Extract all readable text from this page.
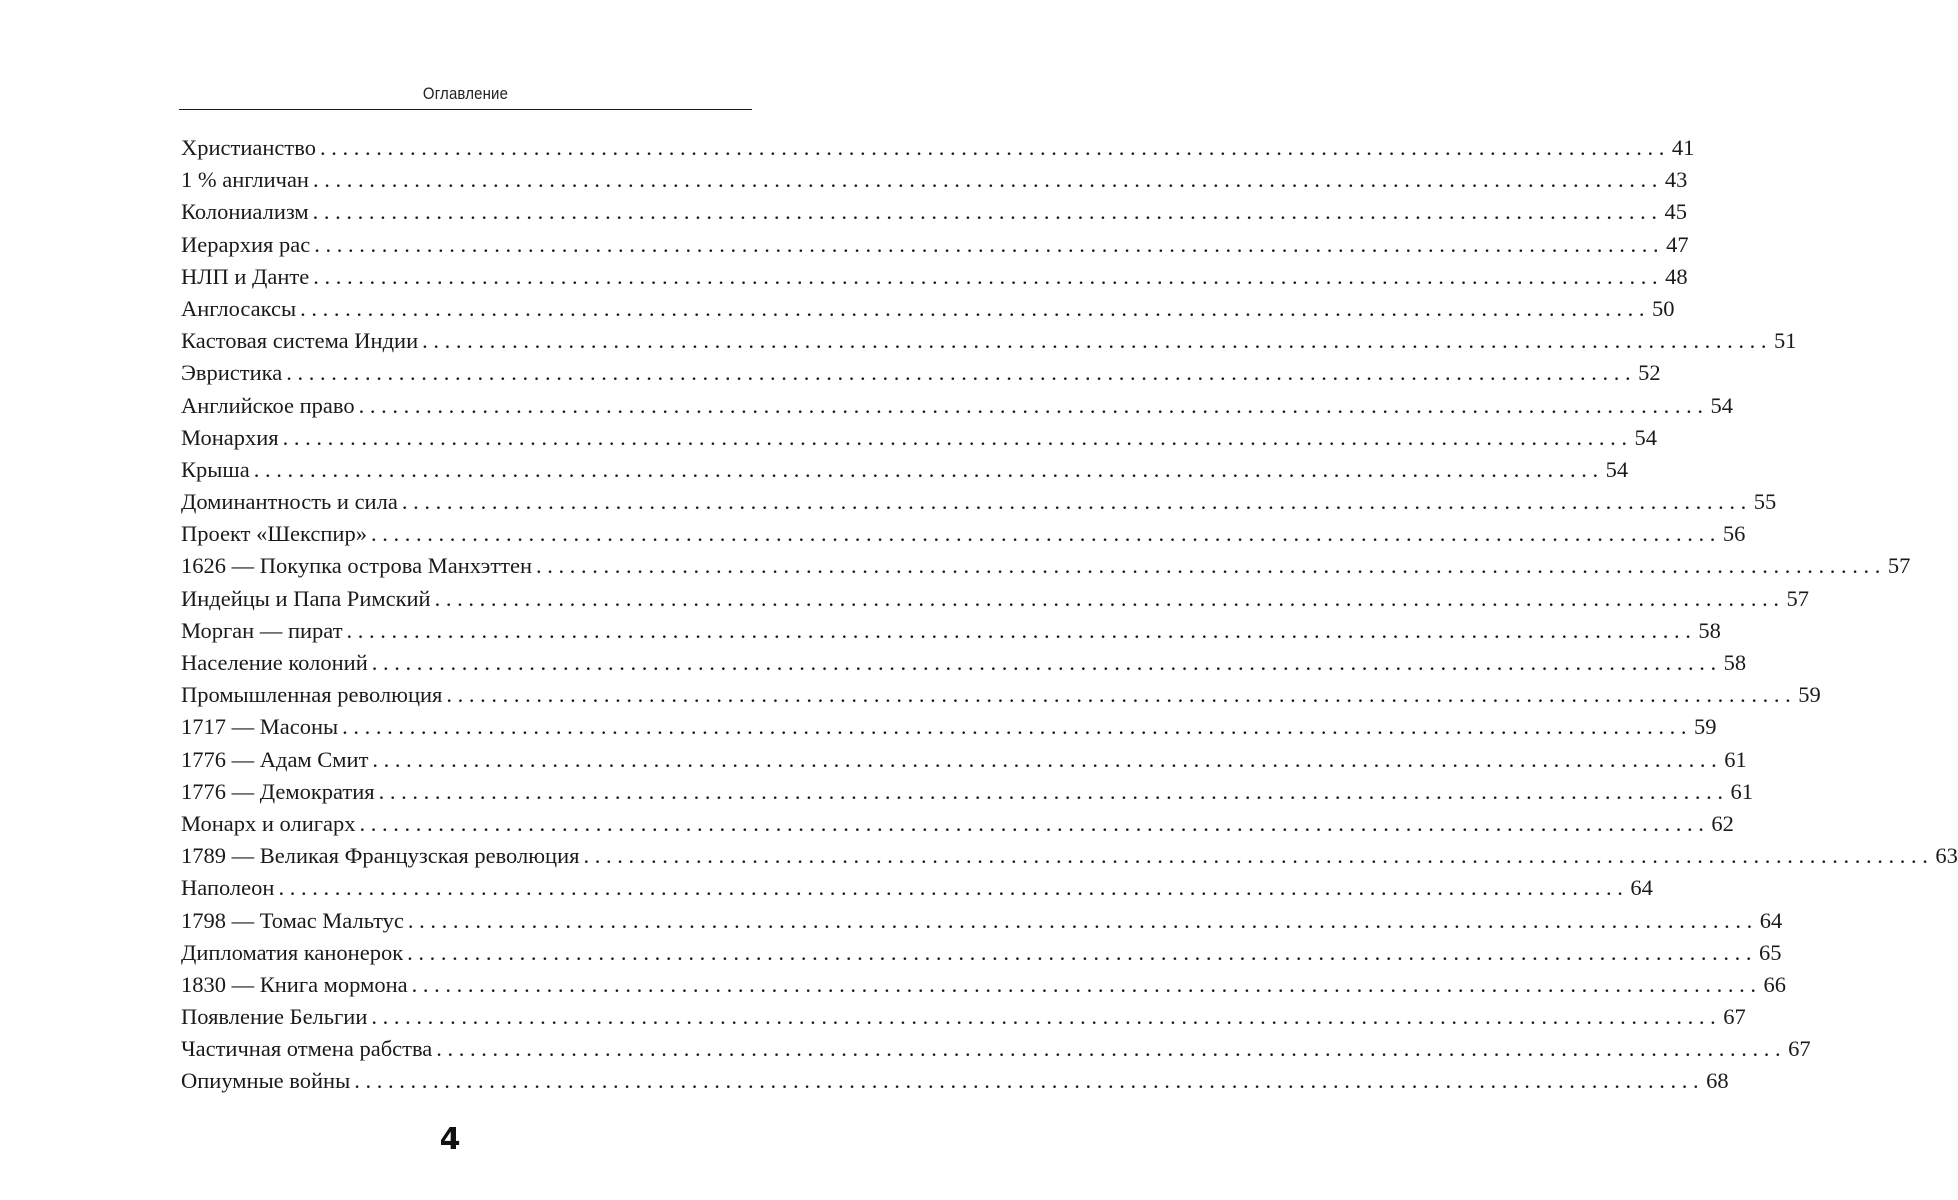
Оглавление
Христианство . . . . . . . . . . . . . . . . . . . . . . . . . . . . . . . . . . . . . . . . . . . . . . . . . . . . . . . . . . . . . . . . . . . . . . . . . . . . . . . . . . . . . . . . . . . . . . . . . . . . . . . . . . . . . . . . . . . . . . . . 41
1 % англичан . . . . . . . . . . . . . . . . . . . . . . . . . . . . . . . . . . . . . . . . . . . . . . . . . . . . . . . . . . . . . . . . . . . . . . . . . . . . . . . . . . . . . . . . . . . . . . . . . . . . . . . . . . . . . . . . . . . . . . . . 43
Колониализм . . . . . . . . . . . . . . . . . . . . . . . . . . . . . . . . . . . . . . . . . . . . . . . . . . . . . . . . . . . . . . . . . . . . . . . . . . . . . . . . . . . . . . . . . . . . . . . . . . . . . . . . . . . . . . . . . . . . . . . . 45
Иерархия рас . . . . . . . . . . . . . . . . . . . . . . . . . . . . . . . . . . . . . . . . . . . . . . . . . . . . . . . . . . . . . . . . . . . . . . . . . . . . . . . . . . . . . . . . . . . . . . . . . . . . . . . . . . . . . . . . . . . . . . . . 47
НЛП и Данте . . . . . . . . . . . . . . . . . . . . . . . . . . . . . . . . . . . . . . . . . . . . . . . . . . . . . . . . . . . . . . . . . . . . . . . . . . . . . . . . . . . . . . . . . . . . . . . . . . . . . . . . . . . . . . . . . . . . . . . . 48
Англосаксы . . . . . . . . . . . . . . . . . . . . . . . . . . . . . . . . . . . . . . . . . . . . . . . . . . . . . . . . . . . . . . . . . . . . . . . . . . . . . . . . . . . . . . . . . . . . . . . . . . . . . . . . . . . . . . . . . . . . . . . . 50
Кастовая система Индии . . . . . . . . . . . . . . . . . . . . . . . . . . . . . . . . . . . . . . . . . . . . . . . . . . . . . . . . . . . . . . . . . . . . . . . . . . . . . . . . . . . . . . . . . . . . . . . . . . . . . . . . . . . . . . . . . . . . . . . . 51
Эвристика . . . . . . . . . . . . . . . . . . . . . . . . . . . . . . . . . . . . . . . . . . . . . . . . . . . . . . . . . . . . . . . . . . . . . . . . . . . . . . . . . . . . . . . . . . . . . . . . . . . . . . . . . . . . . . . . . . . . . . . . 52
Английское право . . . . . . . . . . . . . . . . . . . . . . . . . . . . . . . . . . . . . . . . . . . . . . . . . . . . . . . . . . . . . . . . . . . . . . . . . . . . . . . . . . . . . . . . . . . . . . . . . . . . . . . . . . . . . . . . . . . . . . . . 54
Монархия . . . . . . . . . . . . . . . . . . . . . . . . . . . . . . . . . . . . . . . . . . . . . . . . . . . . . . . . . . . . . . . . . . . . . . . . . . . . . . . . . . . . . . . . . . . . . . . . . . . . . . . . . . . . . . . . . . . . . . . . 54
Крыша . . . . . . . . . . . . . . . . . . . . . . . . . . . . . . . . . . . . . . . . . . . . . . . . . . . . . . . . . . . . . . . . . . . . . . . . . . . . . . . . . . . . . . . . . . . . . . . . . . . . . . . . . . . . . . . . . . . . . . . . 54
Доминантность и сила . . . . . . . . . . . . . . . . . . . . . . . . . . . . . . . . . . . . . . . . . . . . . . . . . . . . . . . . . . . . . . . . . . . . . . . . . . . . . . . . . . . . . . . . . . . . . . . . . . . . . . . . . . . . . . . . . . . . . . . . 55
Проект «Шекспир» . . . . . . . . . . . . . . . . . . . . . . . . . . . . . . . . . . . . . . . . . . . . . . . . . . . . . . . . . . . . . . . . . . . . . . . . . . . . . . . . . . . . . . . . . . . . . . . . . . . . . . . . . . . . . . . . . . . . . . . . 56
1626 — Покупка острова Манхэттен . . . . . . . . . . . . . . . . . . . . . . . . . . . . . . . . . . . . . . . . . . . . . . . . . . . . . . . . . . . . . . . . . . . . . . . . . . . . . . . . . . . . . . . . . . . . . . . . . . . . . . . . . . . . . . . . . . . . . . . . 57
Индейцы и Папа Римский . . . . . . . . . . . . . . . . . . . . . . . . . . . . . . . . . . . . . . . . . . . . . . . . . . . . . . . . . . . . . . . . . . . . . . . . . . . . . . . . . . . . . . . . . . . . . . . . . . . . . . . . . . . . . . . . . . . . . . . . 57
Морган — пират . . . . . . . . . . . . . . . . . . . . . . . . . . . . . . . . . . . . . . . . . . . . . . . . . . . . . . . . . . . . . . . . . . . . . . . . . . . . . . . . . . . . . . . . . . . . . . . . . . . . . . . . . . . . . . . . . . . . . . . . 58
Население колоний . . . . . . . . . . . . . . . . . . . . . . . . . . . . . . . . . . . . . . . . . . . . . . . . . . . . . . . . . . . . . . . . . . . . . . . . . . . . . . . . . . . . . . . . . . . . . . . . . . . . . . . . . . . . . . . . . . . . . . . . 58
Промышленная революция . . . . . . . . . . . . . . . . . . . . . . . . . . . . . . . . . . . . . . . . . . . . . . . . . . . . . . . . . . . . . . . . . . . . . . . . . . . . . . . . . . . . . . . . . . . . . . . . . . . . . . . . . . . . . . . . . . . . . . . . 59
1717 — Масоны . . . . . . . . . . . . . . . . . . . . . . . . . . . . . . . . . . . . . . . . . . . . . . . . . . . . . . . . . . . . . . . . . . . . . . . . . . . . . . . . . . . . . . . . . . . . . . . . . . . . . . . . . . . . . . . . . . . . . . . . 59
1776 — Адам Смит . . . . . . . . . . . . . . . . . . . . . . . . . . . . . . . . . . . . . . . . . . . . . . . . . . . . . . . . . . . . . . . . . . . . . . . . . . . . . . . . . . . . . . . . . . . . . . . . . . . . . . . . . . . . . . . . . . . . . . . . 61
1776 — Демократия . . . . . . . . . . . . . . . . . . . . . . . . . . . . . . . . . . . . . . . . . . . . . . . . . . . . . . . . . . . . . . . . . . . . . . . . . . . . . . . . . . . . . . . . . . . . . . . . . . . . . . . . . . . . . . . . . . . . . . . . 61
Монарх и олигарх . . . . . . . . . . . . . . . . . . . . . . . . . . . . . . . . . . . . . . . . . . . . . . . . . . . . . . . . . . . . . . . . . . . . . . . . . . . . . . . . . . . . . . . . . . . . . . . . . . . . . . . . . . . . . . . . . . . . . . . . 62
1789 — Великая Французская революция . . . . . . . . . . . . . . . . . . . . . . . . . . . . . . . . . . . . . . . . . . . . . . . . . . . . . . . . . . . . . . . . . . . . . . . . . . . . . . . . . . . . . . . . . . . . . . . . . . . . . . . . . . . . . . . . . . . . . . . . 63
Наполеон . . . . . . . . . . . . . . . . . . . . . . . . . . . . . . . . . . . . . . . . . . . . . . . . . . . . . . . . . . . . . . . . . . . . . . . . . . . . . . . . . . . . . . . . . . . . . . . . . . . . . . . . . . . . . . . . . . . . . . . . 64
1798 — Томас Мальтус . . . . . . . . . . . . . . . . . . . . . . . . . . . . . . . . . . . . . . . . . . . . . . . . . . . . . . . . . . . . . . . . . . . . . . . . . . . . . . . . . . . . . . . . . . . . . . . . . . . . . . . . . . . . . . . . . . . . . . . . 64
Дипломатия канонерок . . . . . . . . . . . . . . . . . . . . . . . . . . . . . . . . . . . . . . . . . . . . . . . . . . . . . . . . . . . . . . . . . . . . . . . . . . . . . . . . . . . . . . . . . . . . . . . . . . . . . . . . . . . . . . . . . . . . . . . . 65
1830 — Книга мормона . . . . . . . . . . . . . . . . . . . . . . . . . . . . . . . . . . . . . . . . . . . . . . . . . . . . . . . . . . . . . . . . . . . . . . . . . . . . . . . . . . . . . . . . . . . . . . . . . . . . . . . . . . . . . . . . . . . . . . . . 66
Появление Бельгии . . . . . . . . . . . . . . . . . . . . . . . . . . . . . . . . . . . . . . . . . . . . . . . . . . . . . . . . . . . . . . . . . . . . . . . . . . . . . . . . . . . . . . . . . . . . . . . . . . . . . . . . . . . . . . . . . . . . . . . . 67
Частичная отмена рабства . . . . . . . . . . . . . . . . . . . . . . . . . . . . . . . . . . . . . . . . . . . . . . . . . . . . . . . . . . . . . . . . . . . . . . . . . . . . . . . . . . . . . . . . . . . . . . . . . . . . . . . . . . . . . . . . . . . . . . . . 67
Опиумные войны . . . . . . . . . . . . . . . . . . . . . . . . . . . . . . . . . . . . . . . . . . . . . . . . . . . . . . . . . . . . . . . . . . . . . . . . . . . . . . . . . . . . . . . . . . . . . . . . . . . . . . . . . . . . . . . . . . . . . . . . 68
4
